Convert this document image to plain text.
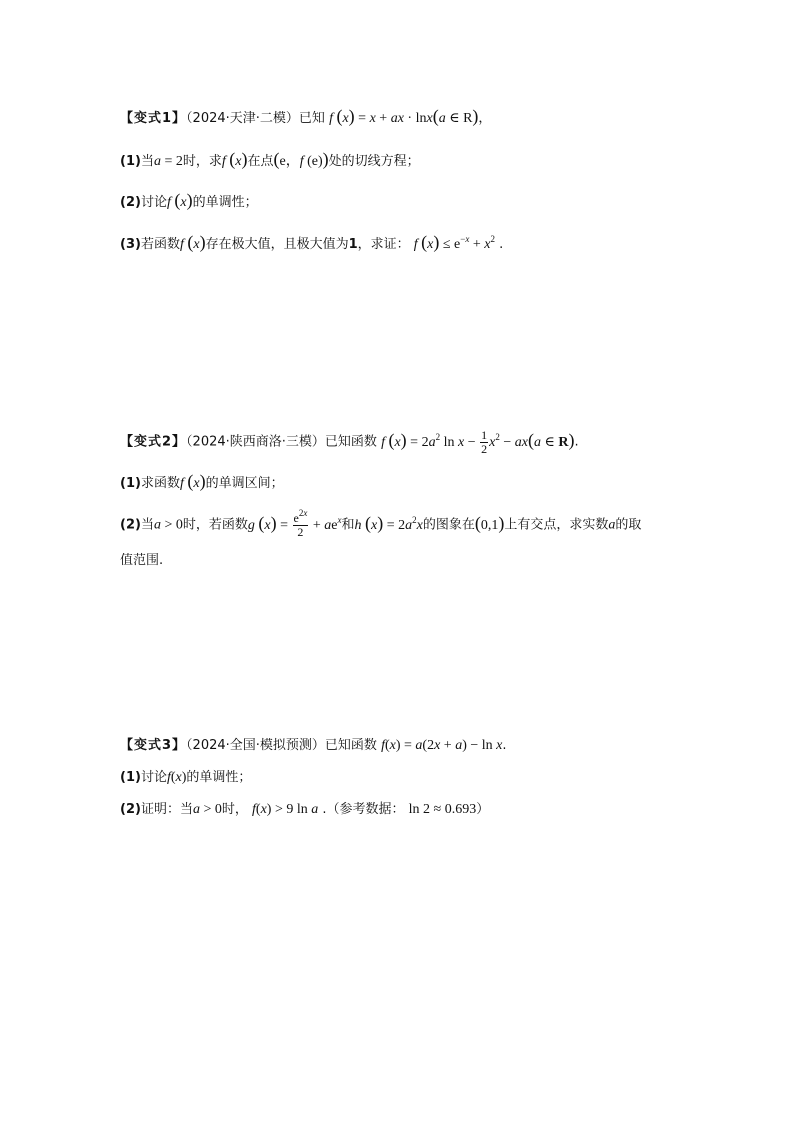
【变式1】（2024·天津·二模）已知 f (x) = x + ax · lnx(a ∈ R)，
(1)当a = 2时，求f (x)在点(e，f (e))处的切线方程；
(2)讨论f (x)的单调性；
(3)若函数f (x)存在极大值，且极大值为1，求证： f $(x) \le e^{-x} + x^2$ .
【变式2】（2024·陕西商洛·三模）已知函数 f $(x) = 2a^2$ $\ln x - \frac{1}{2} x^2 - ax(a$ ∈ R).
(1)求函数f (x)的单调区间；
(2)当a > 0时，若函数g $(x) = \frac{e^{2x}}{2} + ae^x$和h $(x) = 2a^2x$的图象在(0,1)上有交点，求实数a的取
值范围.
【变式3】（2024·全国·模拟预测）已知函数 f(x) = a(2x + a) − ln x.
(1)讨论f(x)的单调性；
(2)证明：当a > 0时， f(x) > 9 ln a .（参考数据： ln 2 ≈ 0.693）
